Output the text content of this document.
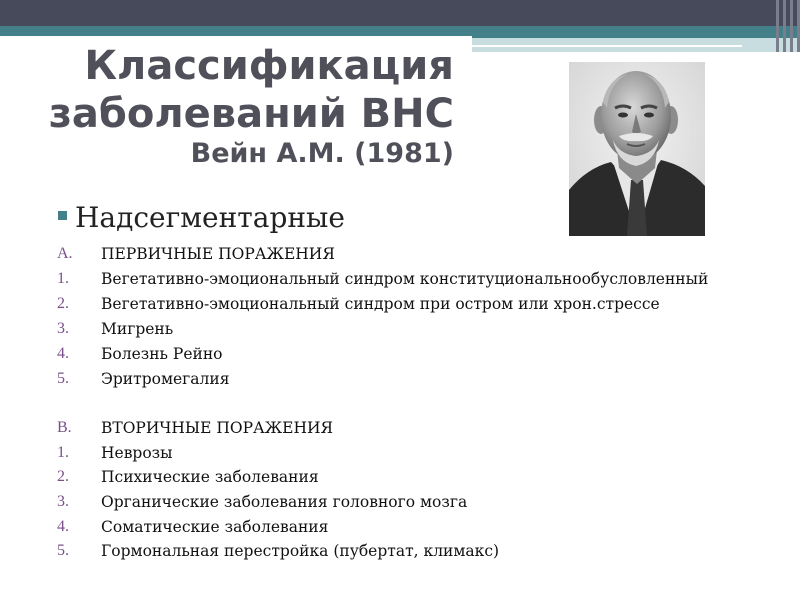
Классификация
заболеваний ВНС
Вейн А.М. (1981)
Надсегментарные
A. ПЕРВИЧНЫЕ ПОРАЖЕНИЯ
1. Вегетативно-эмоциональный синдром конституциональнообусловленный
2. Вегетативно-эмоциональный синдром при остром или хрон.стрессе
3. Мигрень
4. Болезнь Рейно
5. Эритромегалия
B. ВТОРИЧНЫЕ ПОРАЖЕНИЯ
1. Неврозы
2. Психические заболевания
3. Органические заболевания головного мозга
4. Соматические заболевания
5. Гормональная перестройка (пубертат, климакс)
